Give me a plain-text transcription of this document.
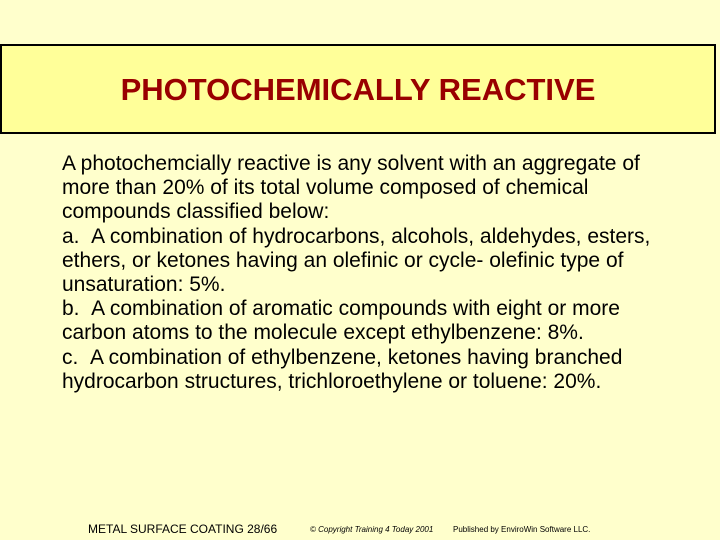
PHOTOCHEMICALLY REACTIVE

A photochemcially reactive is any solvent with an aggregate of more than 20% of its total volume composed of chemical compounds classified below:

a.  A combination of hydrocarbons, alcohols, aldehydes, esters, ethers, or ketones having an olefinic or cycle- olefinic type of unsaturation: 5%.

b.  A combination of aromatic compounds with eight or more carbon atoms to the molecule except ethylbenzene: 8%.

c.  A combination of ethylbenzene, ketones having branched hydrocarbon structures, trichloroethylene or toluene: 20%.

METAL SURFACE COATING 28/66	© Copyright Training 4 Today 2001 Published by EnviroWin Software LLC.
